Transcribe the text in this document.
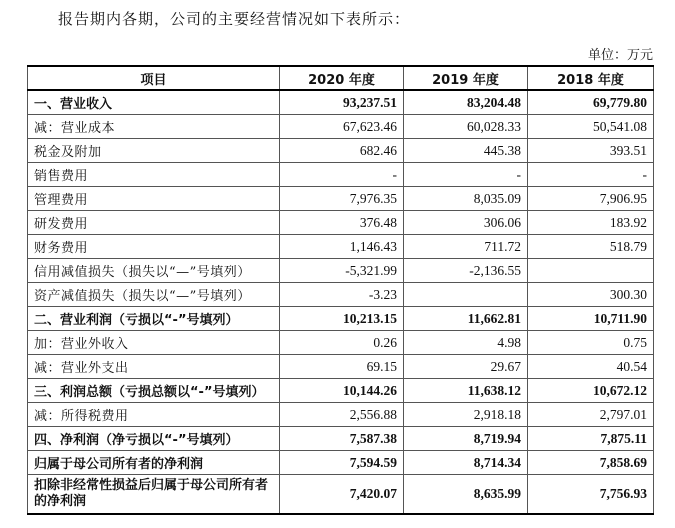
报告期内各期，公司的主要经营情况如下表所示：
单位：万元
项目	2020 年度	2019 年度	2018 年度
一、营业收入	93,237.51	83,204.48	69,779.80
减：营业成本	67,623.46	60,028.33	50,541.08
税金及附加	682.46	445.38	393.51
销售费用	-	-	-
管理费用	7,976.35	8,035.09	7,906.95
研发费用	376.48	306.06	183.92
财务费用	1,146.43	711.72	518.79
信用减值损失（损失以“—”号填列）	-5,321.99	-2,136.55	
资产减值损失（损失以“—”号填列）	-3.23		300.30
二、营业利润（亏损以“-”号填列）	10,213.15	11,662.81	10,711.90
加：营业外收入	0.26	4.98	0.75
减：营业外支出	69.15	29.67	40.54
三、利润总额（亏损总额以“-”号填列）	10,144.26	11,638.12	10,672.12
减：所得税费用	2,556.88	2,918.18	2,797.01
四、净利润（净亏损以“-”号填列）	7,587.38	8,719.94	7,875.11
归属于母公司所有者的净利润	7,594.59	8,714.34	7,858.69
扣除非经常性损益后归属于母公司所有者的净利润	7,420.07	8,635.99	7,756.93
